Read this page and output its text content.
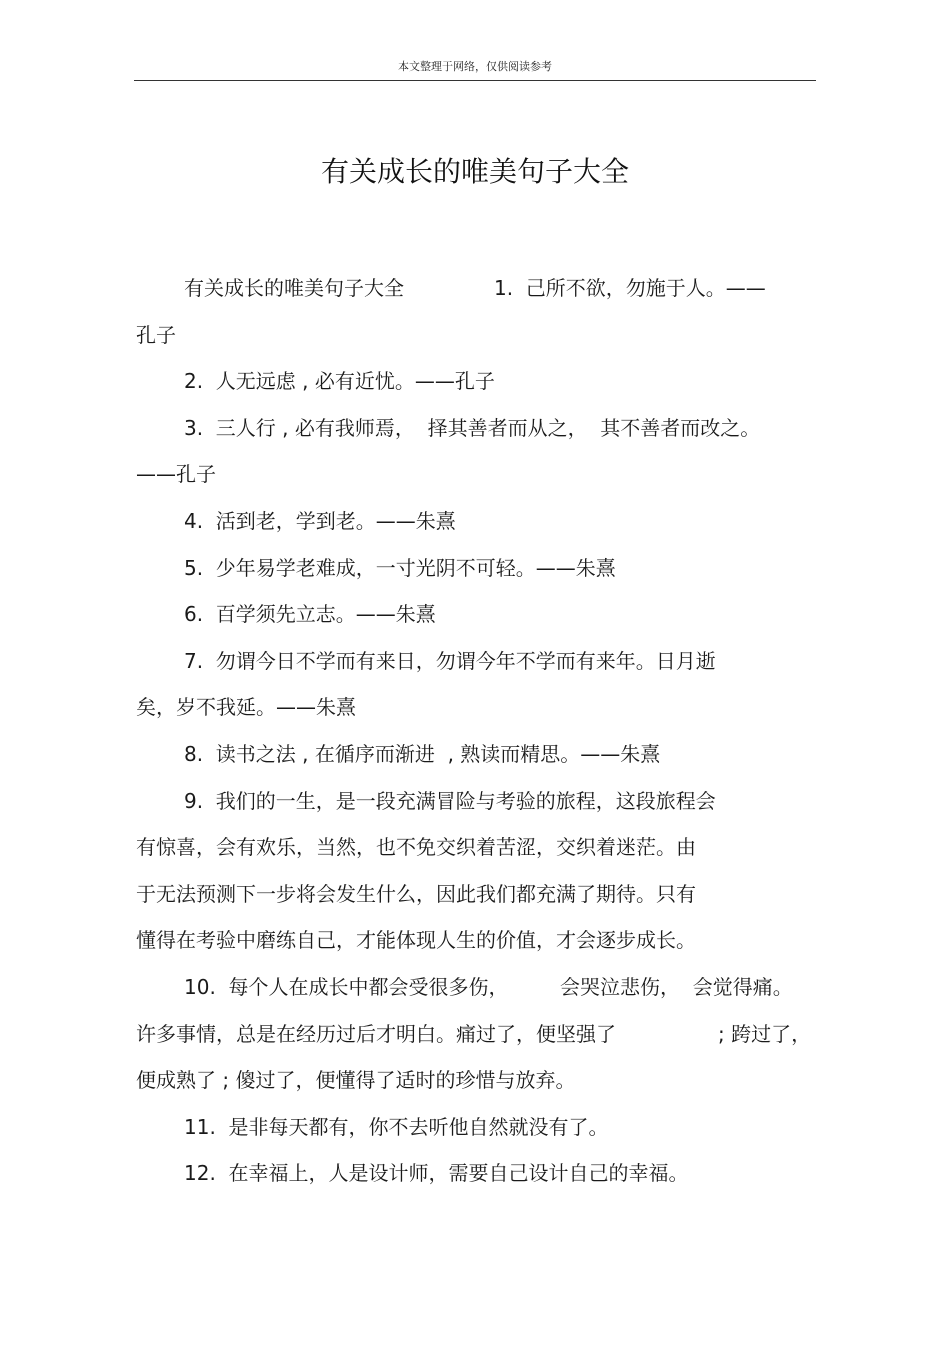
本文整理于网络，仅供阅读参考
有关成长的唯美句子大全
有关成长的唯美句子大全	1.  己所不欲，勿施于人。——
孔子
2.  人无远虑 , 必有近忧。——孔子
3.  三人行 , 必有我师焉，  择其善者而从之，  其不善者而改之。
——孔子
4.  活到老，学到老。——朱熹
5.  少年易学老难成，一寸光阴不可轻。——朱熹
6.  百学须先立志。——朱熹
7.  勿谓今日不学而有来日，勿谓今年不学而有来年。日月逝
矣，岁不我延。——朱熹
8.  读书之法 , 在循序而渐进  , 熟读而精思。——朱熹
9.  我们的一生，是一段充满冒险与考验的旅程，这段旅程会
有惊喜，会有欢乐，当然，也不免交织着苦涩，交织着迷茫。由
于无法预测下一步将会发生什么，因此我们都充满了期待。只有
懂得在考验中磨练自己，才能体现人生的价值，才会逐步成长。
10.  每个人在成长中都会受很多伤，	会哭泣悲伤，  会觉得痛。
许多事情，总是在经历过后才明白。痛过了，便坚强了	; 跨过了，
便成熟了 ; 傻过了，便懂得了适时的珍惜与放弃。
11.  是非每天都有，你不去听他自然就没有了。
12.  在幸福上，人是设计师，需要自己设计自己的幸福。
